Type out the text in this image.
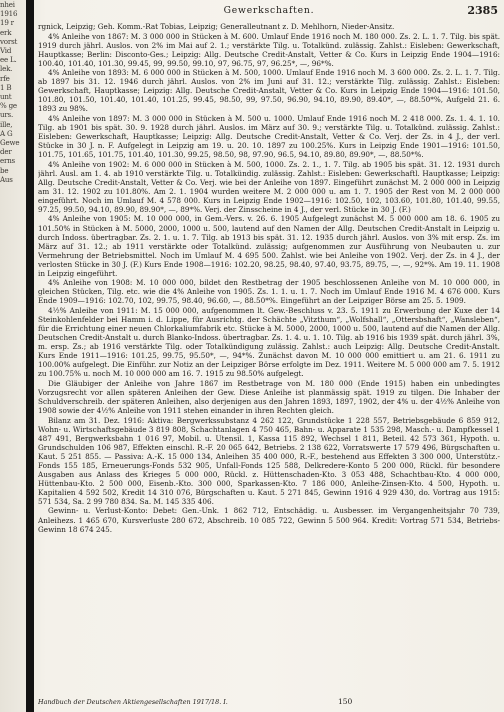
nhei
1916
19 r
erk
vorst
Vid
ee L.
lek.
rfe
1 B
unt
% ge
urs.
ille,
A G
Gewe
der
erns
be
Aus
Gewerkschaften.	2385

rgnick, Leipzig; Geh. Komm.-Rat Tobias, Leipzig; Generalleutnant z. D. Mehlhorn, Nieder-Ansitz.

4% Anleihe von 1867: M. 3 000 000 in Stücken à M. 600. Umlauf Ende 1916 noch M. 180 000. Zs. 2. L. 1. 7. Tilg. bis spät. 1919 durch jährl. Auslos. von 2% im Mai auf 2. 1.; verstärkte Tilg. u. Totalkünd. zulässig. Zahlst.: Eisleben: Gewerkschaft, Hauptkasse; Berlin: Disconto-Ges.; Leipzig: Allg. Deutsche Credit-Anstalt, Vetter & Co. Kurs in Leipzig Ende 1904—1916: 100.40, 101.40, 101.30, 99.45, 99, 99.50, 99.10, 97, 96.75, 97, 96.25*, —, 96*%.

4% Anleihe von 1893: M. 6 000 000 in Stücken à M. 500, 1000. Umlauf Ende 1916 noch M. 3 600 000. Zs. 2. L. 1. 7. Tilg. ab 1897 bis 31. 12. 1946 durch jährl. Auslos. von 2% im Juni auf 31. 12.; verstärkte Tilg. zulässig. Zahlst.: Eisleben: Gewerkschaft, Hauptkasse; Leipzig: Allg. Deutsche Credit-Anstalt, Vetter & Co. Kurs in Leipzig Ende 1904—1916: 101.50, 101.80, 101.50, 101.40, 101.40, 101.25, 99.45, 98.50, 99, 97.50, 96.90, 94.10, 89.90, 89.40*, —, 88.50*%, Aufgeld 21. 6. 1893 zu 98%.

4% Anleihe von 1897: M. 3 000 000 in Stücken à M. 500 u. 1000. Umlauf Ende 1916 noch M. 2 418 000. Zs. 1. 4. 1. 10. Tilg. ab 1901 bis spät. 30. 9. 1928 durch jährl. Auslos. im März auf 30. 9.; verstärkte Tilg. u. Totalkünd. zulässig. Zahlst.: Eisleben: Gewerkschaft, Hauptkasse; Leipzig: Allg. Deutsche Credit-Anstalt, Vetter & Co. Verj. der Zs. in 4 J., der verl. Stücke in 30 J. n. F. Aufgelegt in Leipzig am 19. u. 20. 10. 1897 zu 100.25%. Kurs in Leipzig Ende 1901—1916: 101.50, 101.75, 101.65, 101.75, 101.40, 101.30, 99.25, 98.50, 98, 97.90, 96.5, 94.10, 89.80, 89.90*, —, 88.50*%.

4% Anleihe von 1902: M. 6 000 000 in Stücken à M. 500, 1000. Zs. 2. 1., 1. 7. Tilg. ab 1905 bis spät. 31. 12. 1931 durch jährl. Ausl. am 1. 4. ab 1910 verstärkte Tilg. u. Totalkündig. zulässig. Zahlst.: Eisleben: Gewerkschaftl. Hauptkasse; Leipzig: Allg. Deutsche Credit-Anstalt, Vetter & Co. Verj. wie bei der Anleihe von 1897. Eingeführt zunächst M. 2 000 000 in Leipzig am 31. 12. 1902 zu 101.80%. Am 2. 1. 1904 wurden weitere M. 2 000 000 u. am 1. 7. 1905 der Rest von M. 2 000 000 eingeführt. Noch im Umlauf M. 4 578 000. Kurs in Leipzig Ende 1902—1916: 102.50, 102, 103.60, 101.80, 101.40, 99.55, 97.25, 99.50, 94.10, 89.90, 89.90*, —, 89*%. Verj. der Zinsscheine in 4 J., der verl. Stücke in 30 J. (F.)

4% Anleihe von 1905: M. 10 000 000, in Gem.-Vers. v. 26. 6. 1905 Aufgelegt zunächst M. 5 000 000 am 18. 6. 1905 zu 101.50% in Stücken à M. 5000, 2000, 1000 u. 500, lautend auf den Namen der Allg. Deutschen Credit-Anstalt in Leipzig u. durch Indoss. übertragbar. Zs. 2. 1. u. 1. 7. Tilg. ab 1913 bis spät. 31. 12. 1935 durch jährl. Auslos. von 3% mit ersp. Zs. im März auf 31. 12.; ab 1911 verstärkte oder Totalkünd. zulässig; aufgenommen zur Ausführung von Neubauten u. zur Vermehrung der Betriebsmittel. Noch im Umlauf M. 4 695 500. Zahlst. wie bei Anleihe von 1902. Verj. der Zs. in 4 J., der verlosten Stücke in 30 J. (F.) Kurs Ende 1908—1916: 102.20, 98.25, 98.40, 97.40, 93.75, 89.75, —, —, 92*%. Am 19. 11. 1908 in Leipzig eingeführt.

4% Anleihe von 1908: M. 10 000 000, bildet den Restbetrag der 1905 beschlossenen Anleihe von M. 10 000 000, in gleichen Stücken, Tilg. etc. wie die 4% Anleihe von 1905. Zs. 1. 1. u. 1. 7. Noch im Umlauf Ende 1916 M. 4 676 000. Kurs Ende 1909—1916: 102.70, 102, 99.75, 98.40, 96.60, —, 88.50*%. Eingeführt an der Leipziger Börse am 25. 5. 1909.

4½% Anleihe von 1911: M. 15 000 000, aufgenommen lt. Gew.-Beschluss v. 23. 5. 1911 zu Erwerbung der Kuxe der 14 Steinkohlenfelder bei Hamm i. d. Lippe, für Ausrichtg. der Schächte „Vitzthum“, „Wolfshall“, „Ottersbshaft“, „Wansleben“, für die Errichtung einer neuen Chlorkaliumfabrik etc. Stücke à M. 5000, 2000, 1000 u. 500, lautend auf die Namen der Allg. Deutschen Credit-Anstalt u. durch Blanko-Indoss. übertragbar. Zs. 1. 4. u. 1. 10. Tilg. ab 1916 bis 1939 spät. durch jährl. 3%, m. ersp. Zs.; ab 1916 verstärkte Tilg. oder Totalkündigung zulässig. Zahlst.: auch Leipzig: Allg. Deutsche Credit-Anstalt. Kurs Ende 1911—1916: 101.25, 99.75, 95.50*, —, 94*%. Zunächst davon M. 10 000 000 emittiert u. am 21. 6. 1911 zu 100.00% aufgelegt. Die Einführ. zur Notiz an der Leipziger Börse erfolgte im Dez. 1911. Weitere M. 5 000 000 am 7. 5. 1912 zu 100.75% u. noch M. 10 000 000 am 16. 7. 1915 zu 98.50% aufgelegt.

Die Gläubiger der Anleihe von Jahre 1867 im Restbetrage von M. 180 000 (Ende 1915) haben ein unbedingtes Vorzugsrecht vor allen späteren Anleihen der Gew. Diese Anleihe ist planmässig spät. 1919 zu tilgen. Die Inhaber der Schuldverschreib. der späteren Anleihen, also derjenigen aus den Jahren 1893, 1897, 1902, der 4% u. der 4½% Anleihe von 1908 sowie der 4½% Anleihe von 1911 stehen einander in ihren Rechten gleich.

Bilanz am 31. Dez. 1916: Aktiva: Bergwerkssubstanz 4 262 122, Grundstücke 1 228 557, Betriebsgebäude 6 859 912, Wohn- u. Wirtschaftsgebäude 3 819 808, Schachtanlagen 4 750 465, Bahn- u. Apparate 1 535 298, Masch.- u. Dampfkessel 1 487 491, Bergwerksbahn 1 016 97, Mobil. u. Utensil. 1, Kassa 115 892, Wechsel 1 811, Beteil. 42 573 361, Hypoth. u. Grundschulden 106 987, Effekten einschl. R.-F. 20 065 642, Betriebs. 2 138 622, Vorratswerte 17 579 496, Bürgschaften u. Kaut. 5 251 855. — Passiva: A.-K. 15 000 134, Anleihen 35 400 000, R.-F., bestehend aus Effekten 3 300 000, Unterstütz.-Fonds 155 185, Erneuerungs-Fonds 532 905, Unfall-Fonds 125 588, Delkredere-Konto 5 200 000, Rückl. für besondere Ausgaben aus Anlass des Krieges 5 000 000, Rückl. z. Hüttenschaden-Kto. 3 053 488, Schachtbau-Kto. 4 000 000, Hüttenbau-Kto. 2 500 000, Eisenb.-Kto. 300 000, Sparkassen-Kto. 7 186 000, Anleihe-Zinsen-Kto. 4 500, Hypoth. u. Kapitalien 4 592 502, Kredit 14 310 076, Bürgschaften u. Kaut. 5 271 845, Gewinn 1916 4 929 430, do. Vortrag aus 1915: 571 534, Sa. 2 99 780 834. Sa. M. 145 335 406.

Gewinn- u. Verlust-Konto: Debet: Gen.-Unk. 1 862 712, Entschädig. u. Ausbesser. im Vergangenheitsjahr 70 739, Anleihezs. 1 465 670, Kursverluste 280 672, Abschreib. 10 085 722, Gewinn 5 500 964. Kredit: Vortrag 571 534, Betriebs-Gewinn 18 674 245.

Handbuch der Deutschen Aktiengesellschaften 1917/18. I.	150
